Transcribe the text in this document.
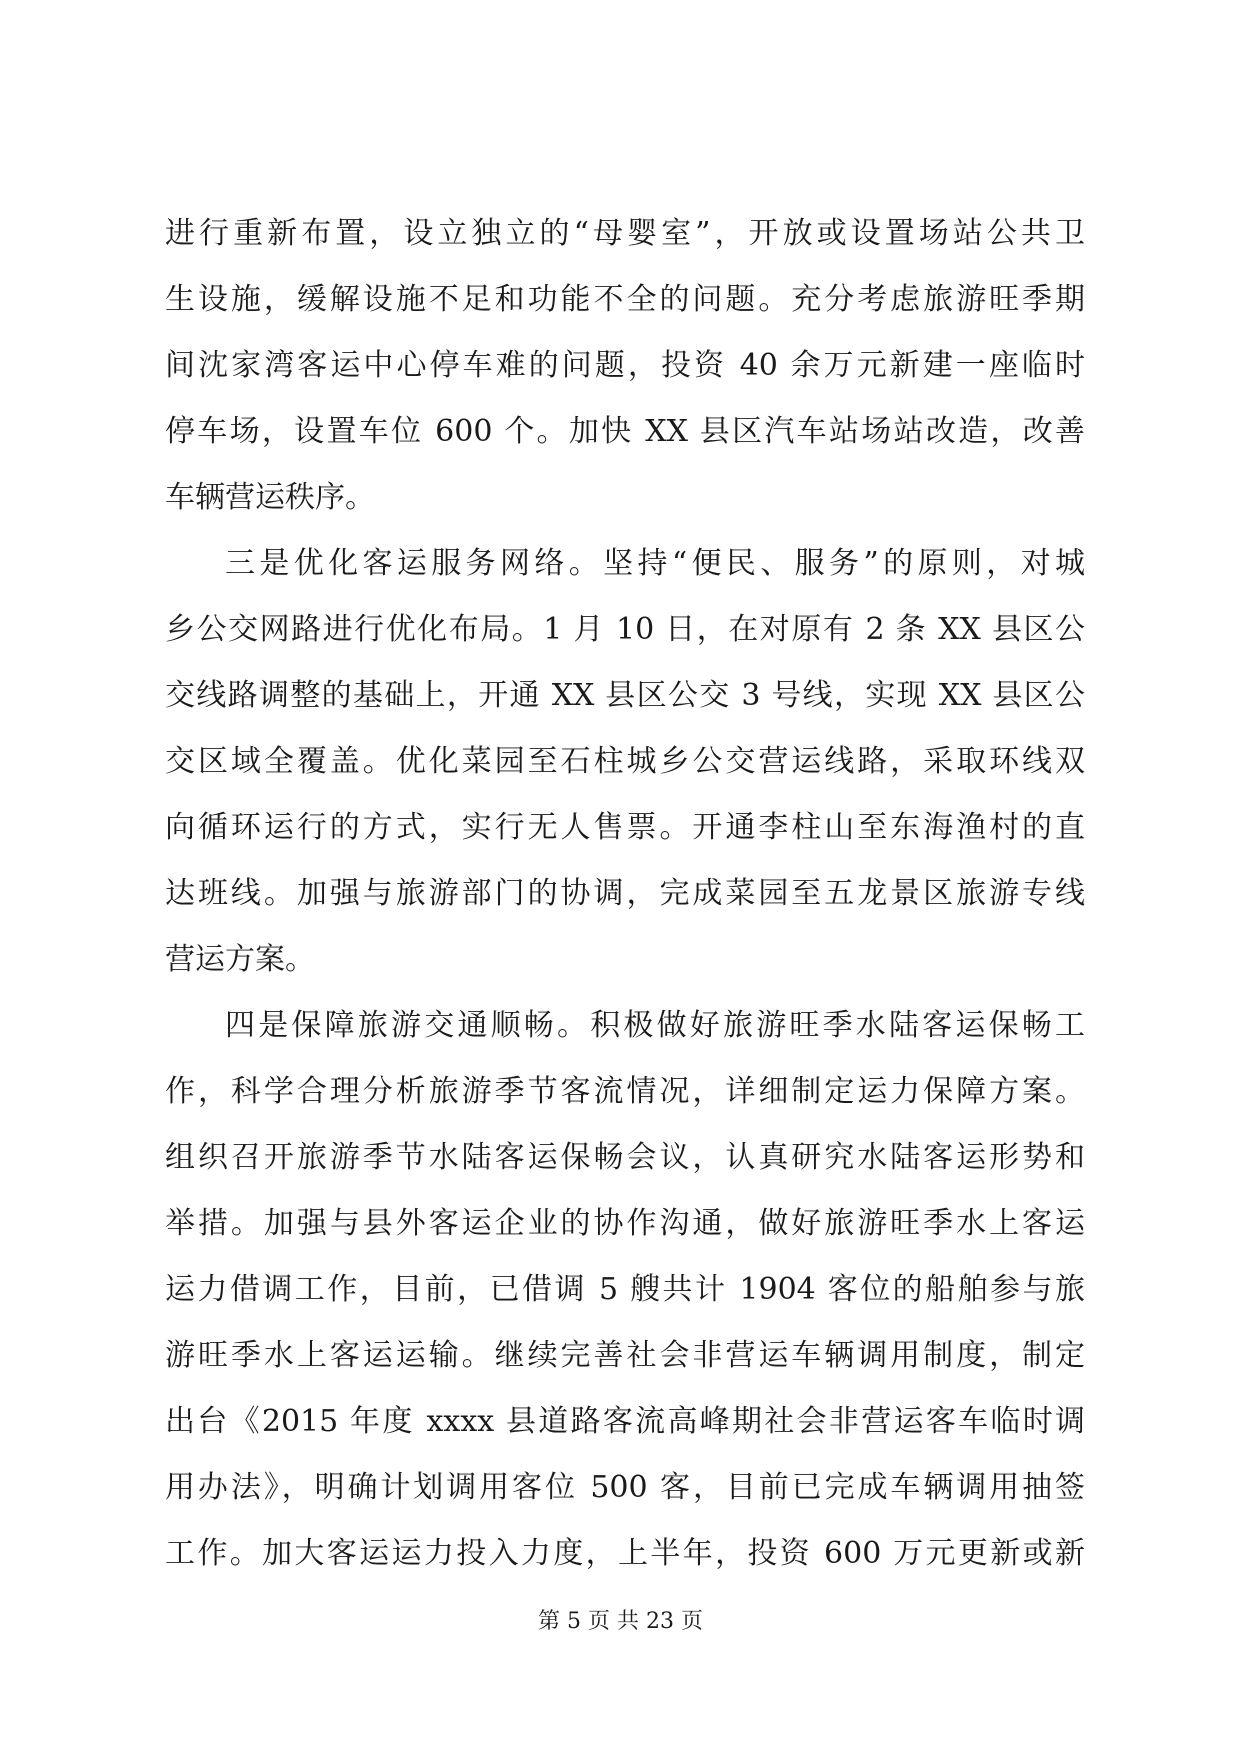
进行重新布置，设立独立的“母婴室”，开放或设置场站公共卫
生设施，缓解设施不足和功能不全的问题。充分考虑旅游旺季期
间沈家湾客运中心停车难的问题，投资 40 余万元新建一座临时
停车场，设置车位 600 个。加快 XX 县区汽车站场站改造，改善
车辆营运秩序。
三是优化客运服务网络。坚持“便民、服务”的原则，对城
乡公交网路进行优化布局。1 月 10 日，在对原有 2 条 XX 县区公
交线路调整的基础上，开通 XX 县区公交 3 号线，实现 XX 县区公
交区域全覆盖。优化菜园至石柱城乡公交营运线路，采取环线双
向循环运行的方式，实行无人售票。开通李柱山至东海渔村的直
达班线。加强与旅游部门的协调，完成菜园至五龙景区旅游专线
营运方案。
四是保障旅游交通顺畅。积极做好旅游旺季水陆客运保畅工
作，科学合理分析旅游季节客流情况，详细制定运力保障方案。
组织召开旅游季节水陆客运保畅会议，认真研究水陆客运形势和
举措。加强与县外客运企业的协作沟通，做好旅游旺季水上客运
运力借调工作，目前，已借调 5 艘共计 1904 客位的船舶参与旅
游旺季水上客运运输。继续完善社会非营运车辆调用制度，制定
出台《2015 年度 xxxx 县道路客流高峰期社会非营运客车临时调
用办法》，明确计划调用客位 500 客，目前已完成车辆调用抽签
工作。加大客运运力投入力度，上半年，投资 600 万元更新或新
第 5 页 共 23 页
